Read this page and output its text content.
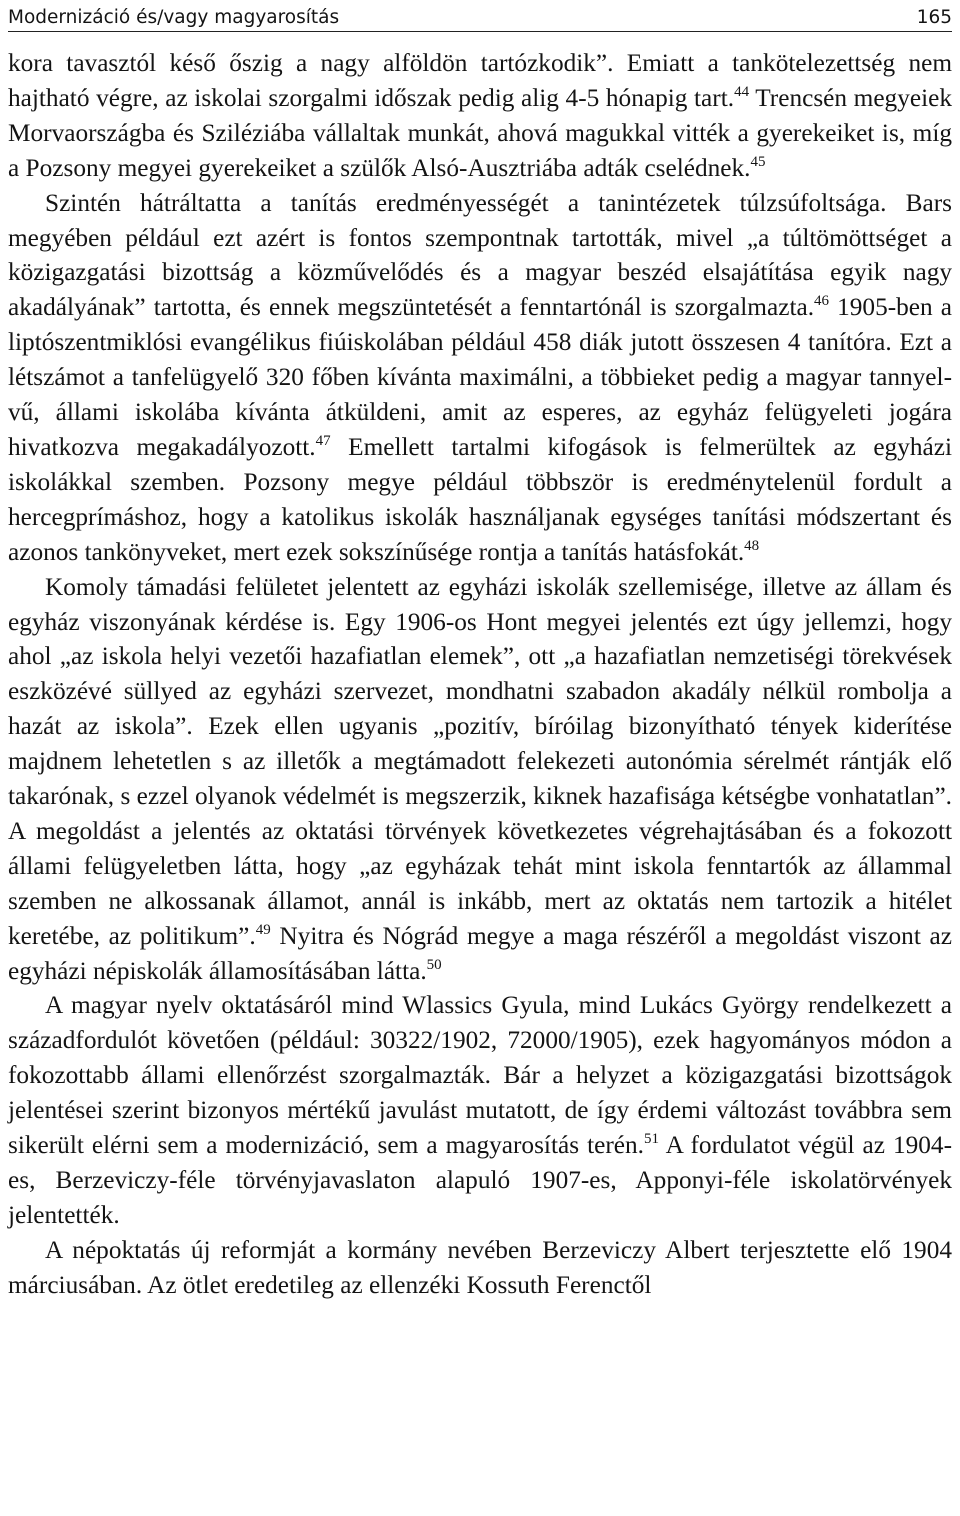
Modernizáció és/vagy magyarosítás	165

kora tavasztól késő őszig a nagy alföldön tartózkodik”. Emiatt a tankötelezettség nem hajtható végre, az iskolai szorgalmi időszak pedig alig 4-5 hónapig tart.$^{44}$ Trencsén megyeiek Morvaországba és Sziléziába vállaltak munkát, ahová magukkal vitték a gyerekeiket is, míg a Pozsony megyei gyerekeiket a szülők Alsó-Ausztriába adták cselédnek.$^{45}$

Szintén hátráltatta a tanítás eredményességét a tanintézetek túlzsúfoltsága. Bars megyében például ezt azért is fontos szempontnak tartották, mivel „a túltömöttséget a közigazgatási bizottság a közművelődés és a magyar beszéd elsajátítása egyik nagy akadályának” tartotta, és ennek megszüntetését a fenntartónál is szorgalmazta.$^{46}$ 1905-ben a liptószentmiklósi evangélikus fiúiskolában például 458 diák jutott összesen 4 tanítóra. Ezt a létszámot a tanfelügyelő 320 főben kívánta maximálni, a többieket pedig a magyar tannyelvű, állami iskolába kívánta átküldeni, amit az esperes, az egyház felügyeleti jogára hivatkozva megakadályozott.$^{47}$ Emellett tartalmi kifogások is felmerültek az egyházi iskolákkal szemben. Pozsony megye például többször is eredménytelenül fordult a hercegprímáshoz, hogy a katolikus iskolák használjanak egységes tanítási módszertant és azonos tankönyveket, mert ezek sokszínűsége rontja a tanítás hatásfokát.$^{48}$

Komoly támadási felületet jelentett az egyházi iskolák szellemisége, illetve az állam és egyház viszonyának kérdése is. Egy 1906-os Hont megyei jelentés ezt úgy jellemzi, hogy ahol „az iskola helyi vezetői hazafiatlan elemek”, ott „a hazafiatlan nemzetiségi törekvések eszközévé süllyed az egyházi szervezet, mondhatni szabadon akadály nélkül rombolja a hazát az iskola”. Ezek ellen ugyanis „pozitív, bíróilag bizonyítható tények kiderítése majdnem lehetetlen s az illetők a megtámadott felekezeti autonómia sérelmét rántják elő takarónak, s ezzel olyanok védelmét is megszerzik, kiknek hazafisága kétségbe vonhatatlan”. A megoldást a jelentés az oktatási törvények következetes végrehajtásában és a fokozott állami felügyeletben látta, hogy „az egyházak tehát mint iskola fenntartók az állammal szemben ne alkossanak államot, annál is inkább, mert az oktatás nem tartozik a hitélet keretébe, az politikum”.$^{49}$ Nyitra és Nógrád megye a maga részéről a megoldást viszont az egyházi népiskolák államosításában látta.$^{50}$

A magyar nyelv oktatásáról mind Wlassics Gyula, mind Lukács György rendelkezett a századfordulót követően (például: 30322/1902, 72000/1905), ezek hagyományos módon a fokozottabb állami ellenőrzést szorgalmazták. Bár a helyzet a közigazgatási bizottságok jelentései szerint bizonyos mértékű javulást mutatott, de így érdemi változást továbbra sem sikerült elérni sem a modernizáció, sem a magyarosítás terén.$^{51}$ A fordulatot végül az 1904-es, Berzeviczy-féle törvényjavaslaton alapuló 1907-es, Apponyi-féle iskolatörvények jelentették.

A népoktatás új reformját a kormány nevében Berzeviczy Albert terjesztette elő 1904 márciusában. Az ötlet eredetileg az ellenzéki Kossuth Ferenctől
